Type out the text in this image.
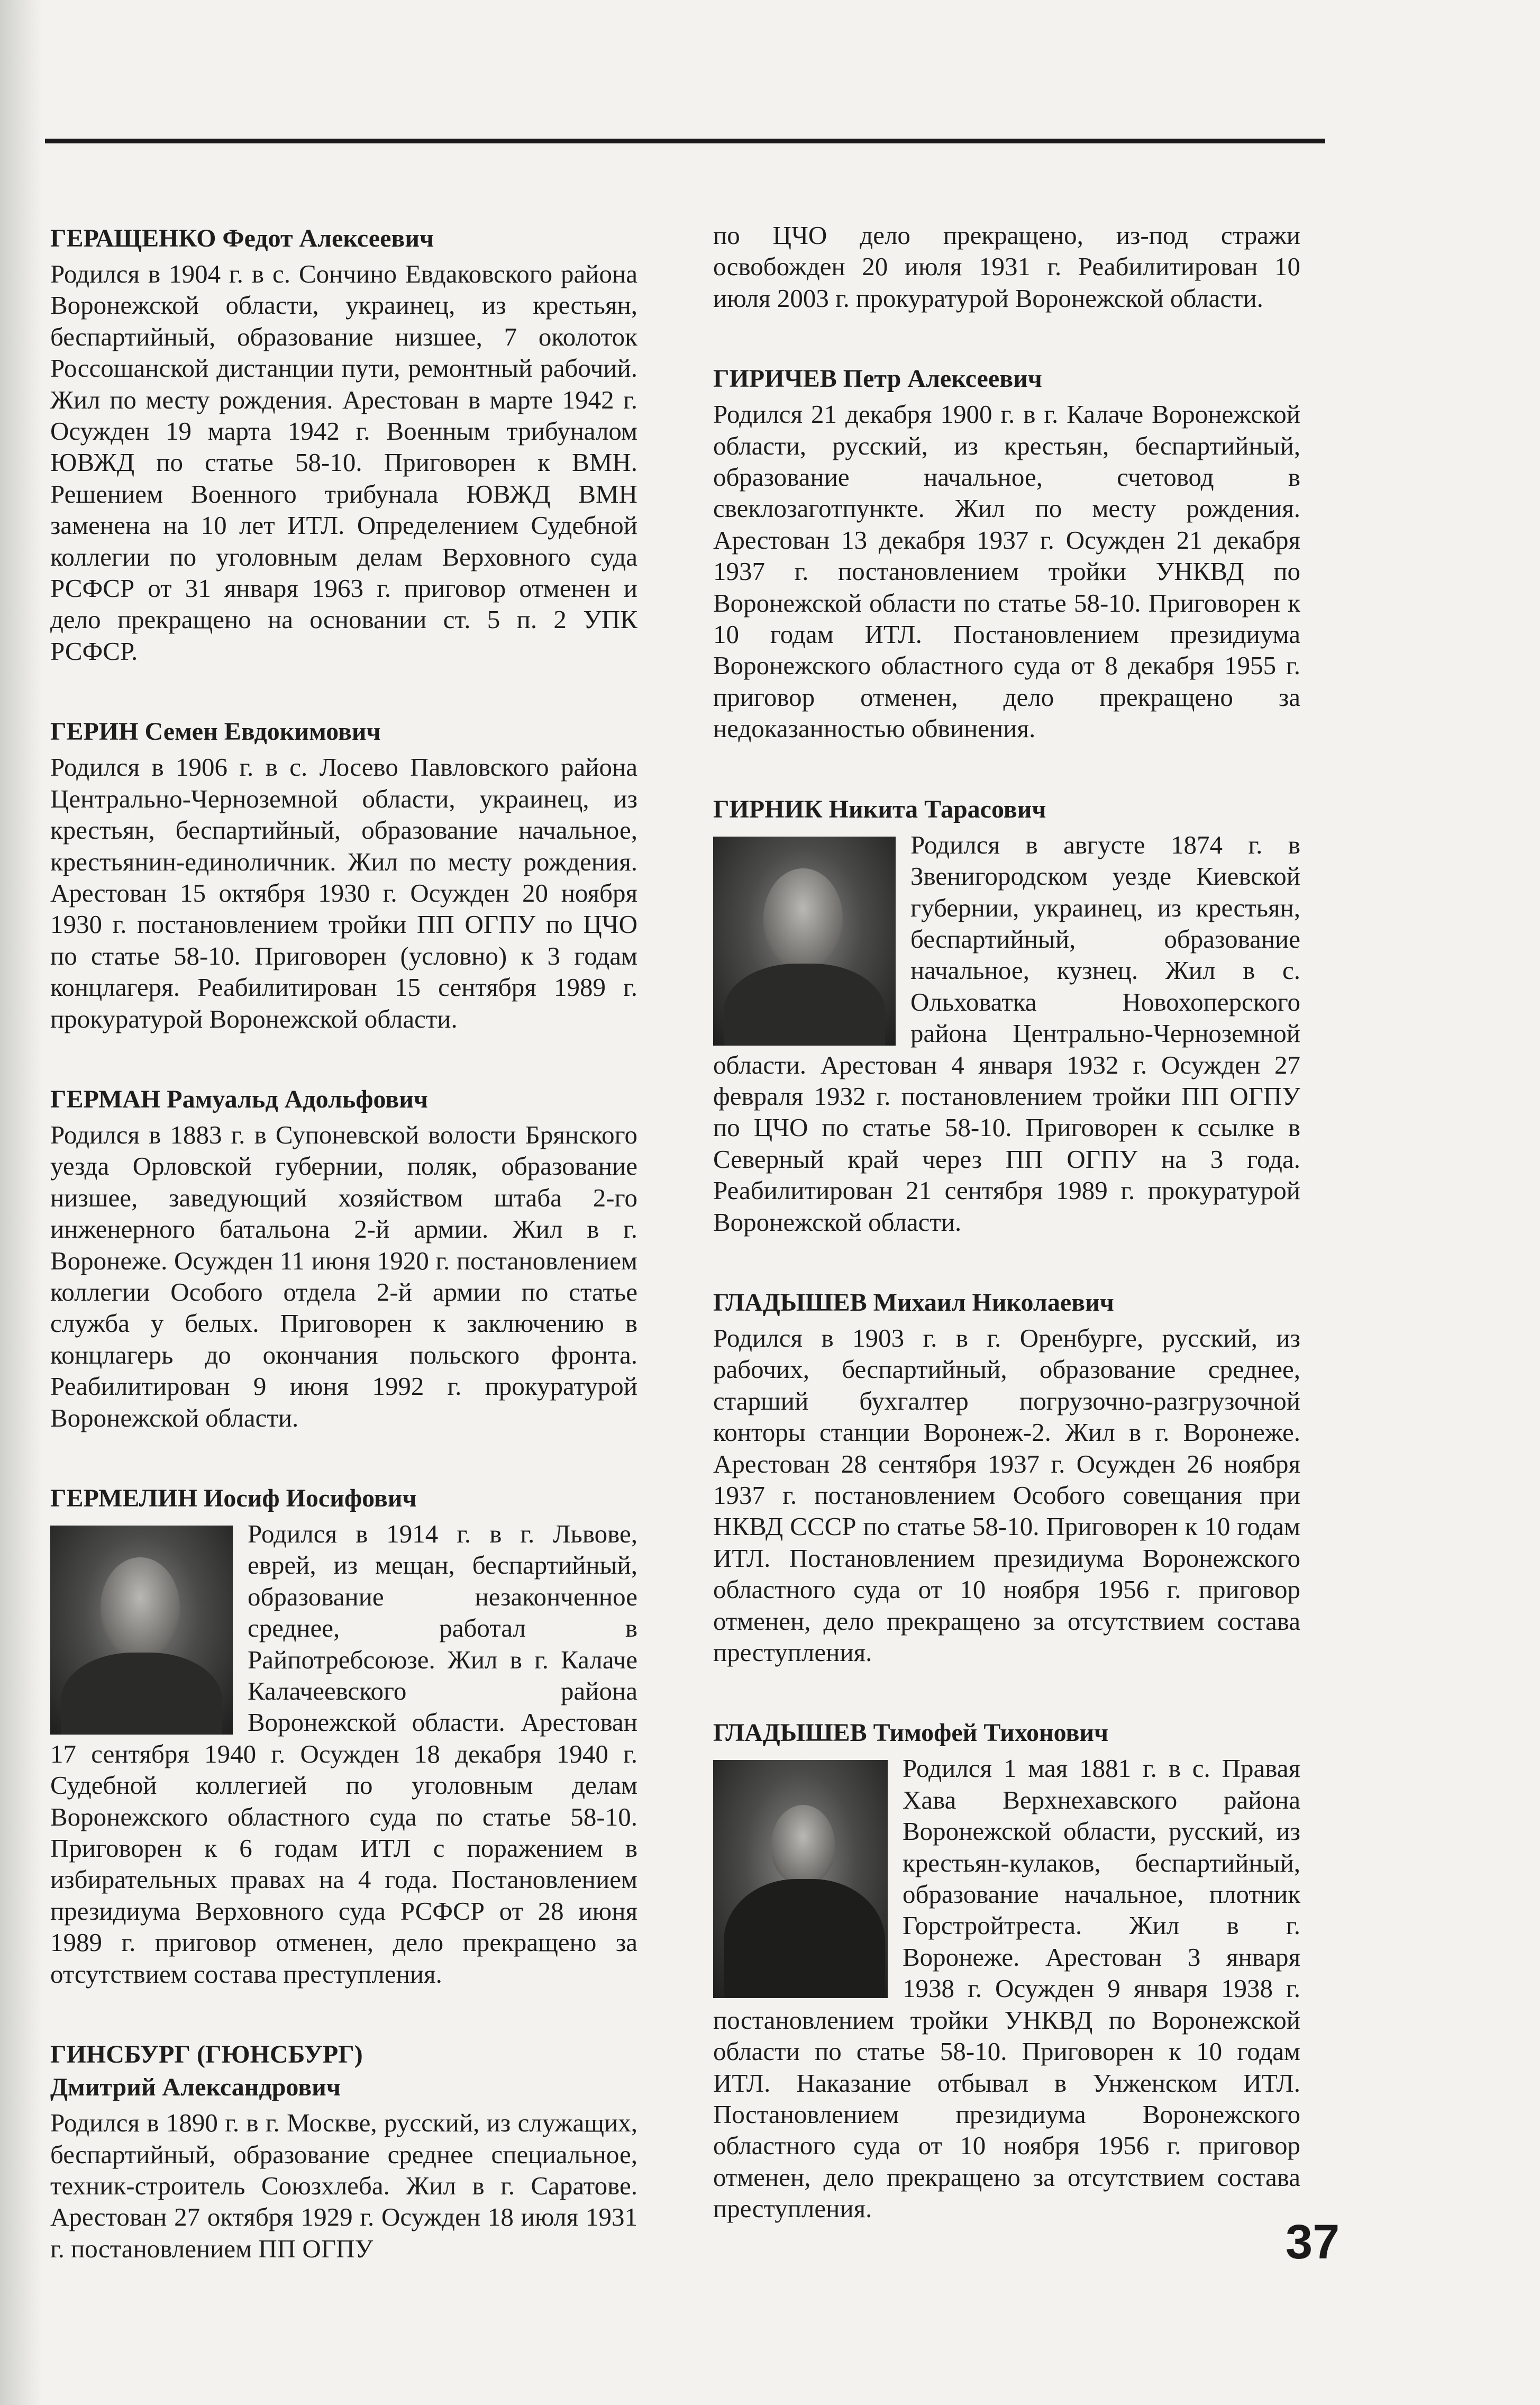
ГЕРАЩЕНКО Федот Алексеевич

Родился в 1904 г. в с. Сончино Евдаковского района Воронежской области, украинец, из крестьян, беспартийный, образование низшее, 7 околоток Россошанской дистанции пути, ремонтный рабочий. Жил по месту рождения. Арестован в марте 1942 г. Осужден 19 марта 1942 г. Военным трибуналом ЮВЖД по статье 58-10. Приговорен к ВМН. Решением Военного трибунала ЮВЖД ВМН заменена на 10 лет ИТЛ. Определением Судебной коллегии по уголовным делам Верховного суда РСФСР от 31 января 1963 г. приговор отменен и дело прекращено на основании ст. 5 п. 2 УПК РСФСР.

ГЕРИН Семен Евдокимович

Родился в 1906 г. в с. Лосево Павловского района Центрально-Черноземной области, украинец, из крестьян, беспартийный, образование начальное, крестьянин-единоличник. Жил по месту рождения. Арестован 15 октября 1930 г. Осужден 20 ноября 1930 г. постановлением тройки ПП ОГПУ по ЦЧО по статье 58-10. Приговорен (условно) к 3 годам концлагеря. Реабилитирован 15 сентября 1989 г. прокуратурой Воронежской области.

ГЕРМАН Рамуальд Адольфович

Родился в 1883 г. в Супоневской волости Брянского уезда Орловской губернии, поляк, образование низшее, заведующий хозяйством штаба 2-го инженерного батальона 2-й армии. Жил в г. Воронеже. Осужден 11 июня 1920 г. постановлением коллегии Особого отдела 2-й армии по статье служба у белых. Приговорен к заключению в концлагерь до окончания польского фронта. Реабилитирован 9 июня 1992 г. прокуратурой Воронежской области.

ГЕРМЕЛИН Иосиф Иосифович

Родился в 1914 г. в г. Львове, еврей, из мещан, беспартийный, образование незаконченное среднее, работал в Райпотребсоюзе. Жил в г. Калаче Калачеевского района Воронежской области. Арестован 17 сентября 1940 г. Осужден 18 декабря 1940 г. Судебной коллегией по уголовным делам Воронежского областного суда по статье 58-10. Приговорен к 6 годам ИТЛ с поражением в избирательных правах на 4 года. Постановлением президиума Верховного суда РСФСР от 28 июня 1989 г. приговор отменен, дело прекращено за отсутствием состава преступления.

ГИНСБУРГ (ГЮНСБУРГ)
Дмитрий Александрович

Родился в 1890 г. в г. Москве, русский, из служащих, беспартийный, образование среднее специальное, техник-строитель Союзхлеба. Жил в г. Саратове. Арестован 27 октября 1929 г. Осужден 18 июля 1931 г. постановлением ПП ОГПУ

по ЦЧО дело прекращено, из-под стражи освобожден 20 июля 1931 г. Реабилитирован 10 июля 2003 г. прокуратурой Воронежской области.

ГИРИЧЕВ Петр Алексеевич

Родился 21 декабря 1900 г. в г. Калаче Воронежской области, русский, из крестьян, беспартийный, образование начальное, счетовод в свеклозаготпункте. Жил по месту рождения. Арестован 13 декабря 1937 г. Осужден 21 декабря 1937 г. постановлением тройки УНКВД по Воронежской области по статье 58-10. Приговорен к 10 годам ИТЛ. Постановлением президиума Воронежского областного суда от 8 декабря 1955 г. приговор отменен, дело прекращено за недоказанностью обвинения.

ГИРНИК Никита Тарасович

Родился в августе 1874 г. в Звенигородском уезде Киевской губернии, украинец, из крестьян, беспартийный, образование начальное, кузнец. Жил в с. Ольховатка Новохоперского района Центрально-Черноземной области. Арестован 4 января 1932 г. Осужден 27 февраля 1932 г. постановлением тройки ПП ОГПУ по ЦЧО по статье 58-10. Приговорен к ссылке в Северный край через ПП ОГПУ на 3 года. Реабилитирован 21 сентября 1989 г. прокуратурой Воронежской области.

ГЛАДЫШЕВ Михаил Николаевич

Родился в 1903 г. в г. Оренбурге, русский, из рабочих, беспартийный, образование среднее, старший бухгалтер погрузочно-разгрузочной конторы станции Воронеж-2. Жил в г. Воронеже. Арестован 28 сентября 1937 г. Осужден 26 ноября 1937 г. постановлением Особого совещания при НКВД СССР по статье 58-10. Приговорен к 10 годам ИТЛ. Постановлением президиума Воронежского областного суда от 10 ноября 1956 г. приговор отменен, дело прекращено за отсутствием состава преступления.

ГЛАДЫШЕВ Тимофей Тихонович

Родился 1 мая 1881 г. в с. Правая Хава Верхнехавского района Воронежской области, русский, из крестьян-кулаков, беспартийный, образование начальное, плотник Горстройтреста. Жил в г. Воронеже. Арестован 3 января 1938 г. Осужден 9 января 1938 г. постановлением тройки УНКВД по Воронежской области по статье 58-10. Приговорен к 10 годам ИТЛ. Наказание отбывал в Унженском ИТЛ. Постановлением президиума Воронежского областного суда от 10 ноября 1956 г. приговор отменен, дело прекращено за отсутствием состава преступления.

37
